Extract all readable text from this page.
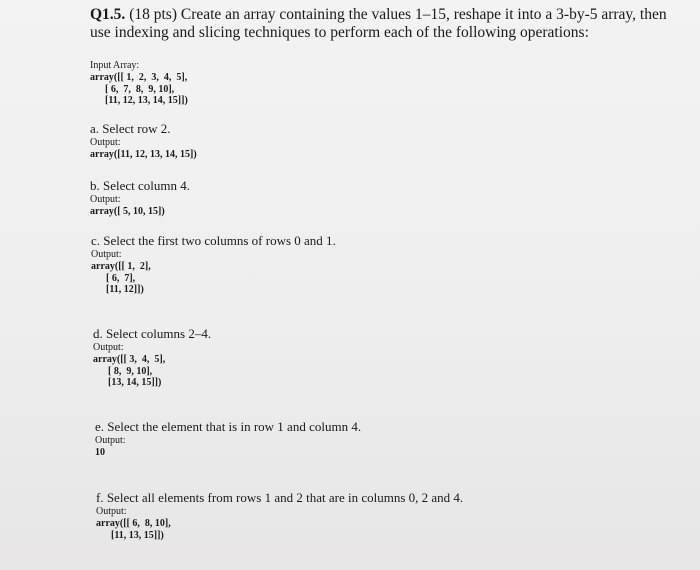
Q1.5. (18 pts) Create an array containing the values 1–15, reshape it into a 3-by-5 array, then use indexing and slicing techniques to perform each of the following operations:
Input Array:
array([[ 1,  2,  3,  4,  5],
[ 6,  7,  8,  9, 10],
[11, 12, 13, 14, 15]])
a. Select row 2.
Output:
array([11, 12, 13, 14, 15])
b. Select column 4.
Output:
array([ 5, 10, 15])
c. Select the first two columns of rows 0 and 1.
Output:
array([[ 1,  2],
[ 6,  7],
[11, 12]])
d. Select columns 2–4.
Output:
array([[ 3,  4,  5],
[ 8,  9, 10],
[13, 14, 15]])
e. Select the element that is in row 1 and column 4.
Output:
10
f. Select all elements from rows 1 and 2 that are in columns 0, 2 and 4.
Output:
array([[ 6,  8, 10],
[11, 13, 15]])
